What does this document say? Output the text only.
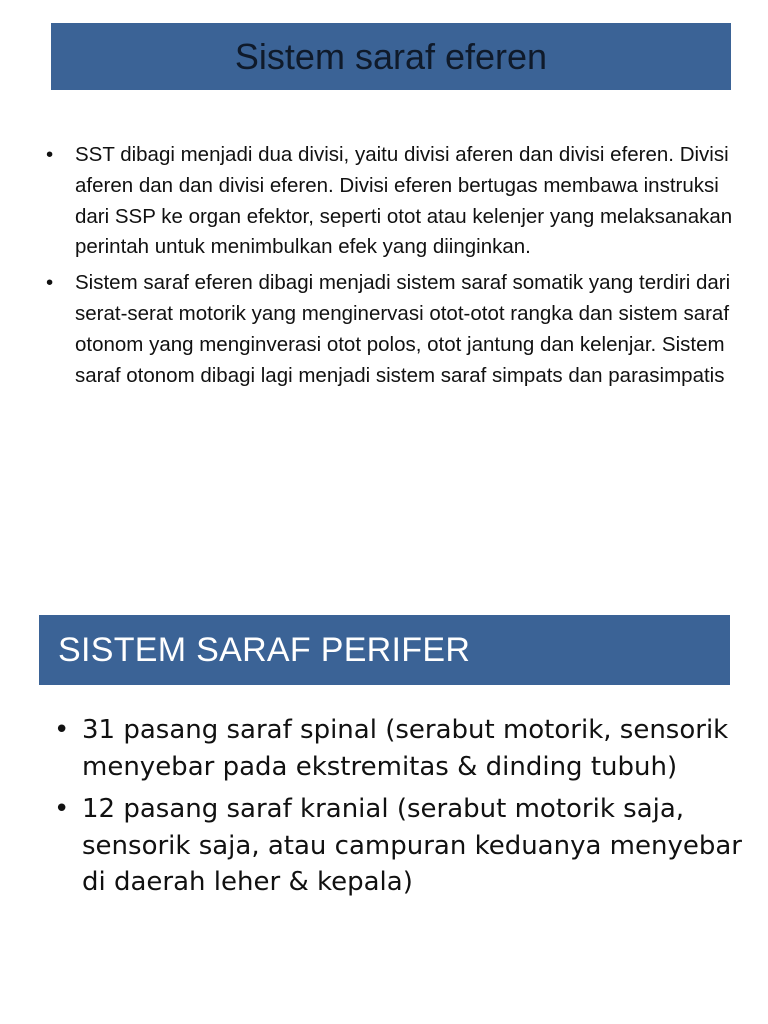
Sistem saraf eferen
• SST dibagi menjadi dua divisi, yaitu divisi aferen dan divisi eferen. Divisi aferen dan dan divisi eferen. Divisi eferen bertugas membawa instruksi dari SSP ke organ efektor, seperti otot atau kelenjer yang melaksanakan perintah untuk menimbulkan efek yang diinginkan.
• Sistem saraf eferen dibagi menjadi sistem saraf somatik yang terdiri dari serat-serat motorik yang menginervasi otot-otot rangka dan sistem saraf otonom yang menginverasi otot polos, otot jantung dan kelenjar. Sistem saraf otonom dibagi lagi menjadi sistem saraf simpats dan parasimpatis
SISTEM SARAF PERIFER
• 31 pasang saraf spinal (serabut motorik, sensorik menyebar pada ekstremitas & dinding tubuh)
• 12 pasang saraf kranial (serabut motorik saja, sensorik saja, atau campuran keduanya menyebar di daerah leher & kepala)
